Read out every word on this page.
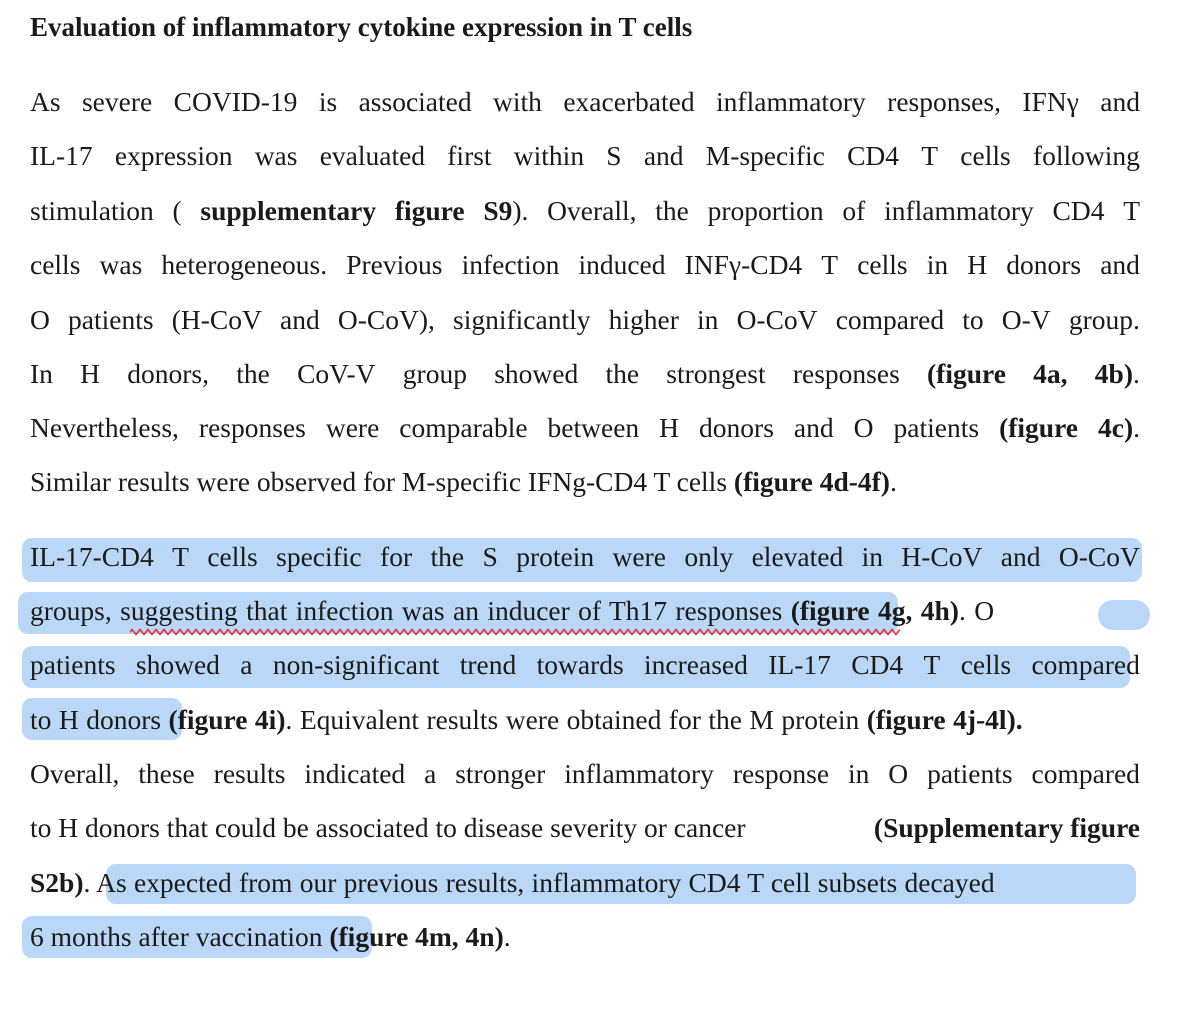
Evaluation of inflammatory cytokine expression in T cells
As severe COVID-19 is associated with exacerbated inflammatory responses, IFNγ and
IL-17 expression was evaluated first within S and M-specific CD4 T cells following
stimulation ( supplementary figure S9). Overall, the proportion of inflammatory CD4 T
cells was heterogeneous. Previous infection induced INFγ-CD4 T cells in H donors and
O patients (H-CoV and O-CoV), significantly higher in O-CoV compared to O-V group.
In H donors, the CoV-V group showed the strongest responses (figure 4a, 4b).
Nevertheless, responses were comparable between H donors and O patients (figure 4c).
Similar results were observed for M-specific IFNg-CD4 T cells (figure 4d-4f).
IL-17-CD4 T cells specific for the S protein were only elevated in H-CoV and O-CoV
groups, suggesting that infection was an inducer of Th17 responses (figure 4g, 4h). O
patients showed a non-significant trend towards increased IL-17 CD4 T cells compared
to H donors (figure 4i). Equivalent results were obtained for the M protein (figure 4j-4l).
Overall, these results indicated a stronger inflammatory response in O patients compared
to H donors that could be associated to disease severity or cancer	(Supplementary figure
S2b). As expected from our previous results, inflammatory CD4 T cell subsets decayed
6 months after vaccination (figure 4m, 4n).
